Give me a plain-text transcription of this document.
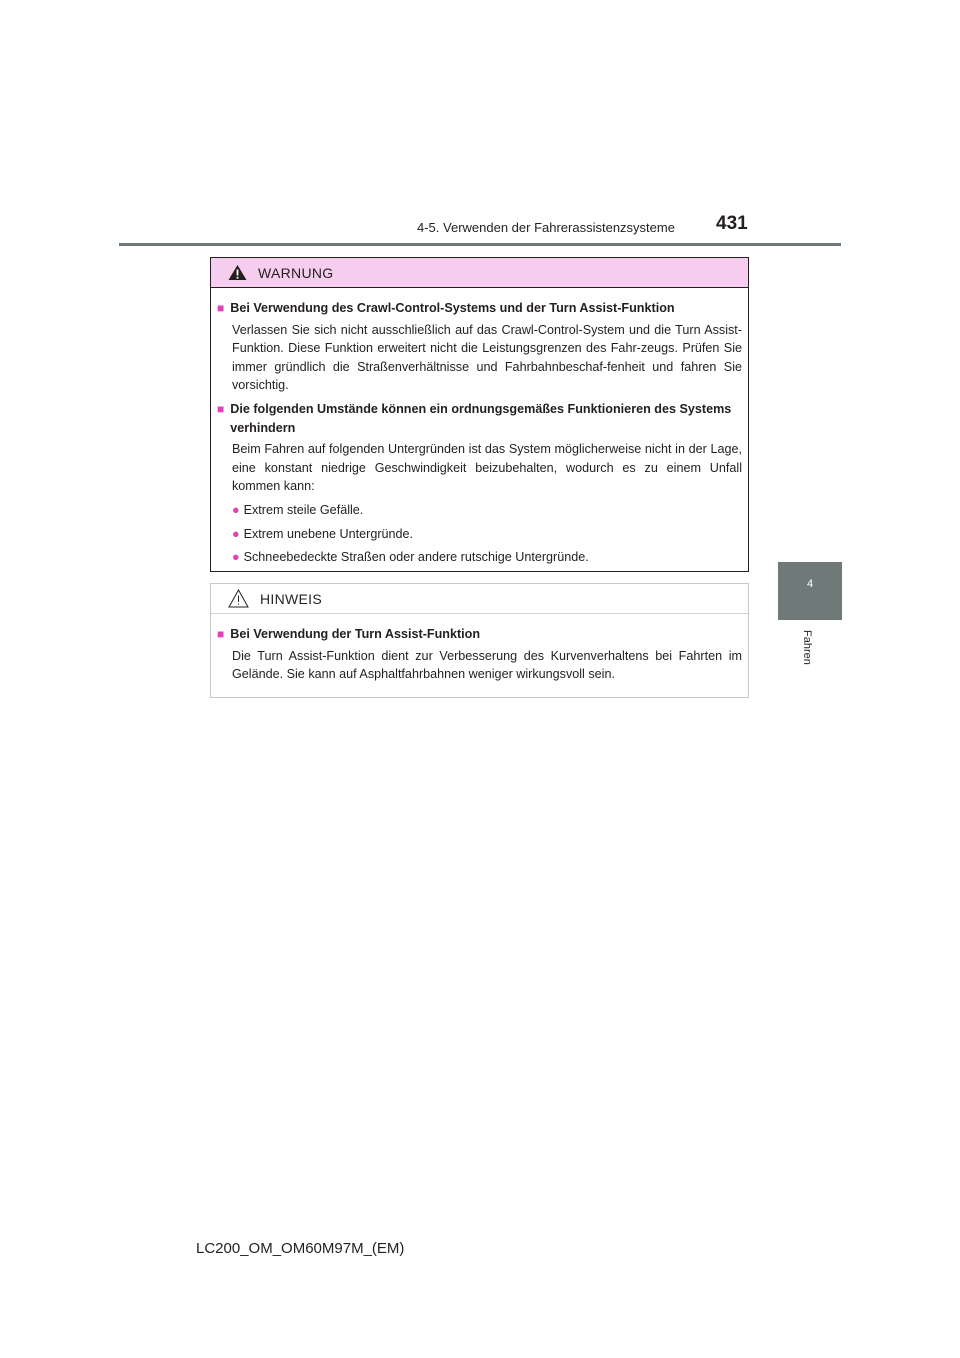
4-5. Verwenden der Fahrerassistenzsysteme 431
4
Fahren
WARNUNG
■ Bei Verwendung des Crawl-Control-Systems und der Turn Assist-Funktion
Verlassen Sie sich nicht ausschließlich auf das Crawl-Control-System und die Turn Assist-Funktion. Diese Funktion erweitert nicht die Leistungsgrenzen des Fahr-zeugs. Prüfen Sie immer gründlich die Straßenverhältnisse und Fahrbahnbeschaf-fenheit und fahren Sie vorsichtig.
■ Die folgenden Umstände können ein ordnungsgemäßes Funktionieren des Systems verhindern
Beim Fahren auf folgenden Untergründen ist das System möglicherweise nicht in der Lage, eine konstant niedrige Geschwindigkeit beizubehalten, wodurch es zu einem Unfall kommen kann:
● Extrem steile Gefälle.
● Extrem unebene Untergründe.
● Schneebedeckte Straßen oder andere rutschige Untergründe.
HINWEIS
■ Bei Verwendung der Turn Assist-Funktion
Die Turn Assist-Funktion dient zur Verbesserung des Kurvenverhaltens bei Fahrten im Gelände. Sie kann auf Asphaltfahrbahnen weniger wirkungsvoll sein.
LC200_OM_OM60M97M_(EM)
